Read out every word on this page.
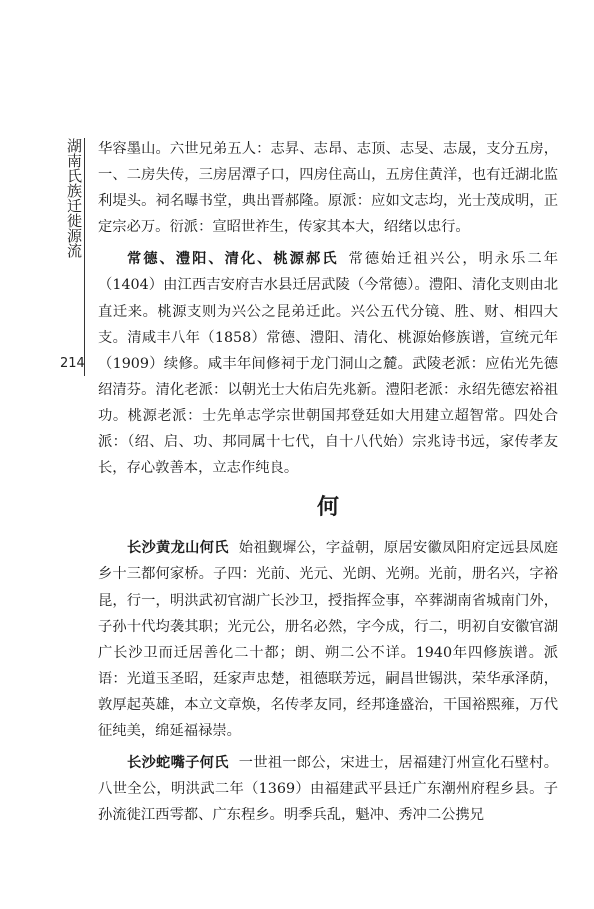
湖南氏族迁徙源流
214

华容墨山。六世兄弟五人：志昇、志昂、志顶、志旻、志晟，支分五房，一、二房失传，三房居潭子口，四房住高山，五房住黄洋，也有迁湖北监利堤头。祠名曝书堂，典出晋郝隆。原派：应如文志均，光士茂成明，正定宗必万。衍派：宣昭世祚生，传家其本大，绍绪以忠行。

常德、澧阳、清化、桃源郝氏 常德始迁祖兴公，明永乐二年（1404）由江西吉安府吉水县迁居武陵（今常德）。澧阳、清化支则由北直迁来。桃源支则为兴公之昆弟迁此。兴公五代分镜、胜、财、相四大支。清咸丰八年（1858）常德、澧阳、清化、桃源始修族谱，宣统元年（1909）续修。咸丰年间修祠于龙门洞山之麓。武陵老派：应佑光先德绍清芬。清化老派：以朝光士大佑启先兆新。澧阳老派：永绍先德宏裕祖功。桃源老派：士先单志学宗世朝国邦登廷如大用建立超智常。四处合派：（绍、启、功、邦同属十七代，自十八代始）宗兆诗书远，家传孝友长，存心敦善本，立志作纯良。

何

长沙黄龙山何氏 始祖觐墀公，字益朝，原居安徽凤阳府定远县凤庭乡十三都何家桥。子四：光前、光元、光朗、光朔。光前，册名兴，字裕昆，行一，明洪武初官湖广长沙卫，授指挥佥事，卒葬湖南省城南门外，子孙十代均袭其职；光元公，册名必然，字今成，行二，明初自安徽官湖广长沙卫而迁居善化二十都；朗、朔二公不详。1940年四修族谱。派语：光道玉圣昭，廷家声忠楚，祖德联芳远，嗣昌世锡洪，荣华承泽荫，敦厚起英雄，本立文章焕，名传孝友同，经邦逢盛治，干国裕熙雍，万代征纯美，绵延福禄崇。

长沙蛇嘴子何氏 一世祖一郎公，宋进士，居福建汀州宣化石壁村。八世全公，明洪武二年（1369）由福建武平县迁广东潮州府程乡县。子孙流徙江西雩都、广东程乡。明季兵乱，魁冲、秀冲二公携兄
